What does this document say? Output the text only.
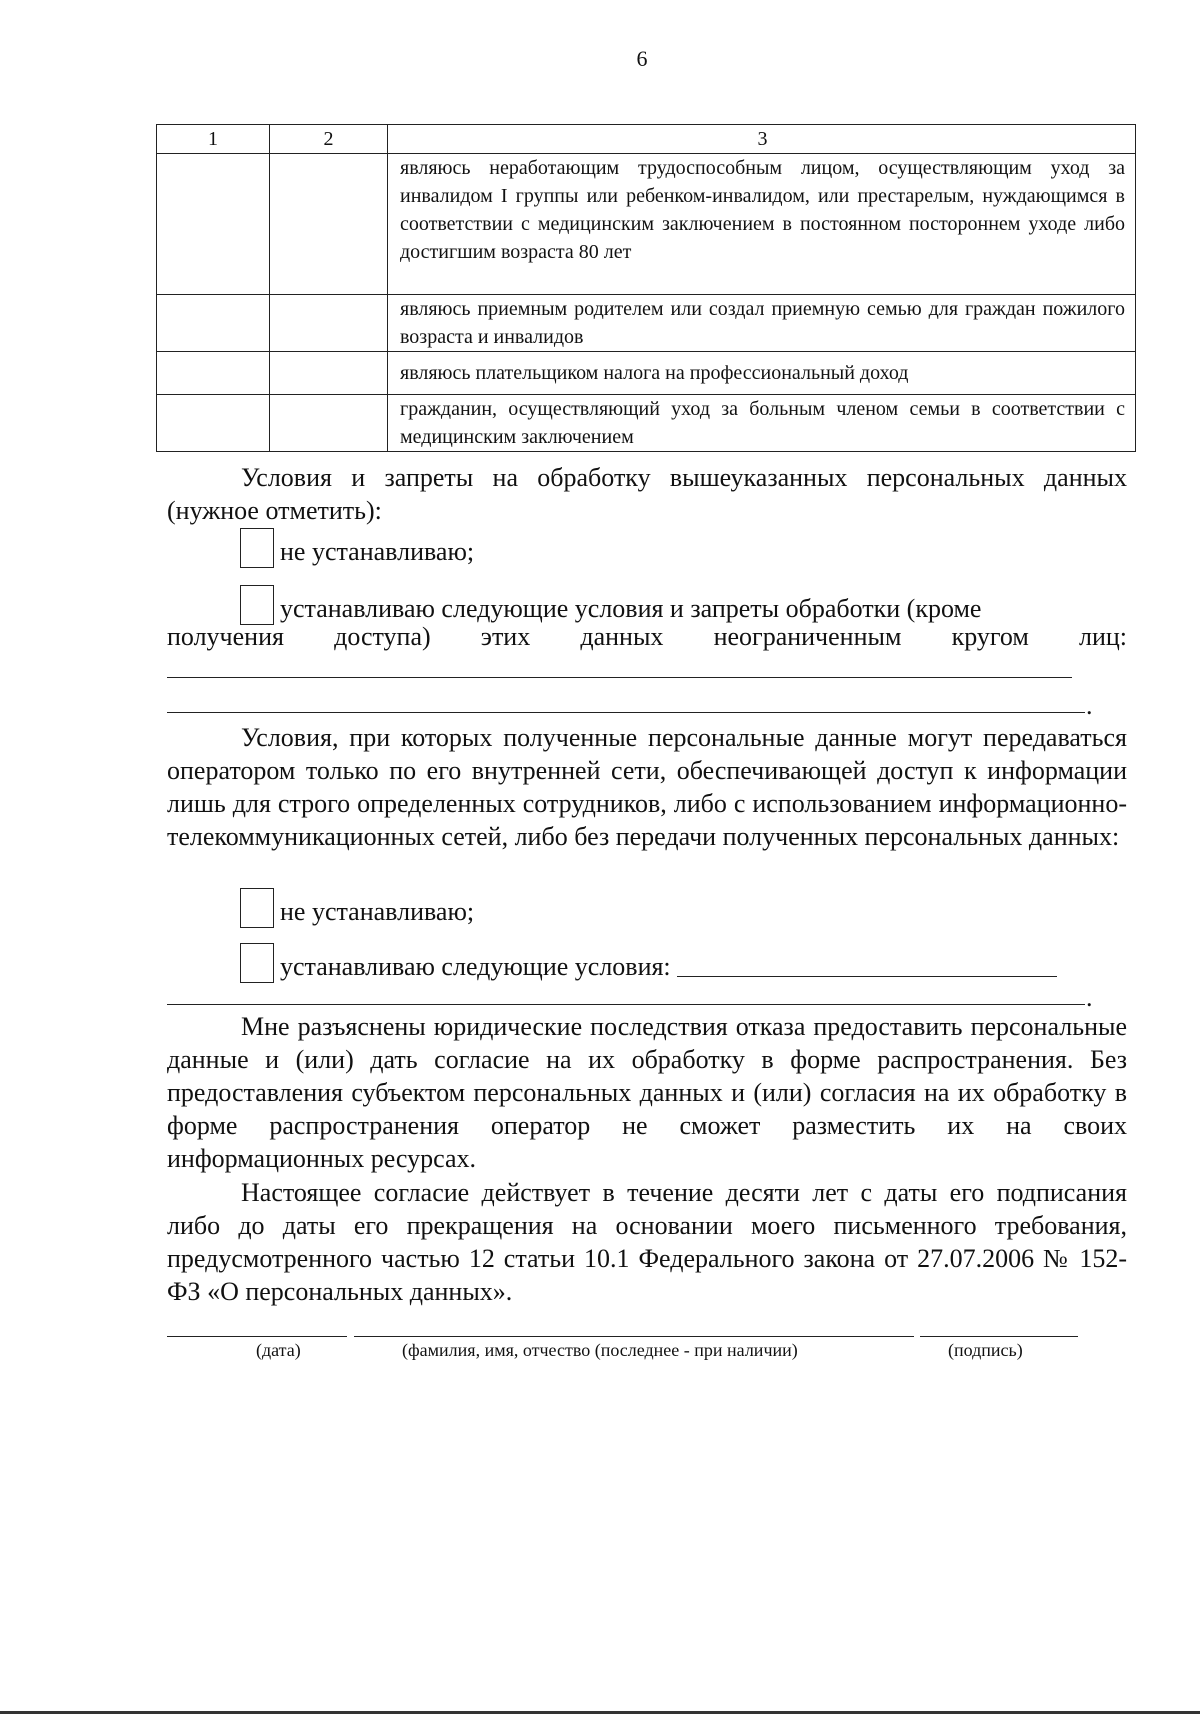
6
1	2	3
		являюсь неработающим трудоспособным лицом, осуществляющим уход за инвалидом I группы или ребенком-инвалидом, или престарелым, нуждающимся в соответствии с медицинским заключением в постоянном постороннем уходе либо достигшим возраста 80 лет
		являюсь приемным родителем или создал приемную семью для граждан пожилого возраста и инвалидов
		являюсь плательщиком налога на профессиональный доход
		гражданин, осуществляющий уход за больным членом семьи в соответствии с медицинским заключением
Условия и запреты на обработку вышеуказанных персональных данных (нужное отметить):
не устанавливаю;
устанавливаю следующие условия и запреты обработки (кроме
получения доступа) этих данных неограниченным кругом лиц:
.
Условия, при которых полученные персональные данные могут передаваться оператором только по его внутренней сети, обеспечивающей доступ к информации лишь для строго определенных сотрудников, либо с использованием информационно-телекоммуникационных сетей, либо без передачи полученных персональных данных:
не устанавливаю;
устанавливаю следующие условия:
.
Мне разъяснены юридические последствия отказа предоставить персональные данные и (или) дать согласие на их обработку в форме распространения. Без предоставления субъектом персональных данных и (или) согласия на их обработку в форме распространения оператор не сможет разместить их на своих информационных ресурсах.
Настоящее согласие действует в течение десяти лет с даты его подписания либо до даты его прекращения на основании моего письменного требования, предусмотренного частью 12 статьи 10.1 Федерального закона от 27.07.2006 № 152-ФЗ «О персональных данных».
(дата)	(фамилия, имя, отчество (последнее - при наличии)	(подпись)
